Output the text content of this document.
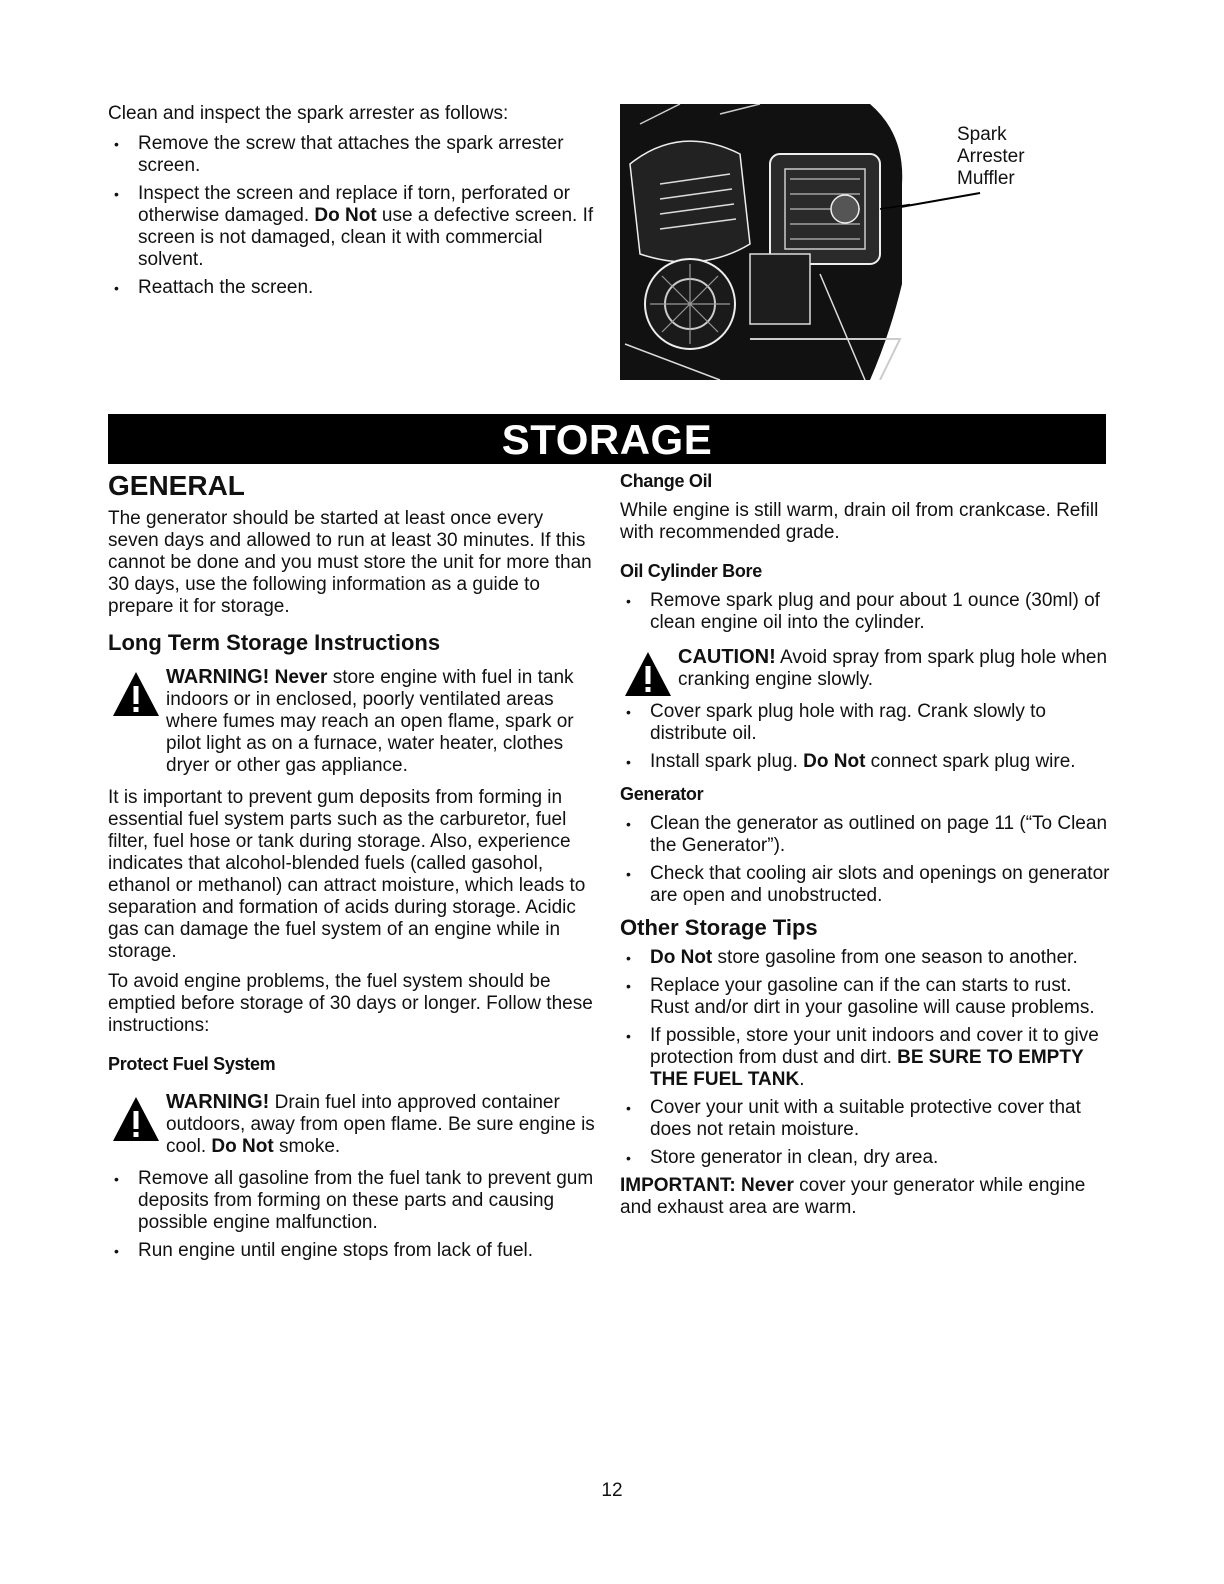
Clean and inspect the spark arrester as follows:

• Remove the screw that attaches the spark arrester screen.
• Inspect the screen and replace if torn, perforated or otherwise damaged. Do Not use a defective screen. If screen is not damaged, clean it with commercial solvent.
• Reattach the screen.
Spark
Arrester
Muffler
STORAGE
GENERAL

The generator should be started at least once every seven days and allowed to run at least 30 minutes. If this cannot be done and you must store the unit for more than 30 days, use the following information as a guide to prepare it for storage.

Long Term Storage Instructions
WARNING! Never store engine with fuel in tank indoors or in enclosed, poorly ventilated areas where fumes may reach an open flame, spark or pilot light as on a furnace, water heater, clothes dryer or other gas appliance.

It is important to prevent gum deposits from forming in essential fuel system parts such as the carburetor, fuel filter, fuel hose or tank during storage. Also, experience indicates that alcohol-blended fuels (called gasohol, ethanol or methanol) can attract moisture, which leads to separation and formation of acids during storage. Acidic gas can damage the fuel system of an engine while in storage.

To avoid engine problems, the fuel system should be emptied before storage of 30 days or longer. Follow these instructions:

Protect Fuel System
WARNING! Drain fuel into approved container outdoors, away from open flame. Be sure engine is cool. Do Not smoke.
• Remove all gasoline from the fuel tank to prevent gum deposits from forming on these parts and causing possible engine malfunction.
• Run engine until engine stops from lack of fuel.
Change Oil

While engine is still warm, drain oil from crankcase. Refill with recommended grade.

Oil Cylinder Bore
• Remove spark plug and pour about 1 ounce (30ml) of clean engine oil into the cylinder.
CAUTION! Avoid spray from spark plug hole when cranking engine slowly.
• Cover spark plug hole with rag. Crank slowly to distribute oil.
• Install spark plug. Do Not connect spark plug wire.
Generator
• Clean the generator as outlined on page 11 (“To Clean the Generator”).
• Check that cooling air slots and openings on generator are open and unobstructed.
Other Storage Tips
• Do Not store gasoline from one season to another.
• Replace your gasoline can if the can starts to rust. Rust and/or dirt in your gasoline will cause problems.
• If possible, store your unit indoors and cover it to give protection from dust and dirt. BE SURE TO EMPTY THE FUEL TANK.
• Cover your unit with a suitable protective cover that does not retain moisture.
• Store generator in clean, dry area.

IMPORTANT: Never cover your generator while engine and exhaust area are warm.

12
